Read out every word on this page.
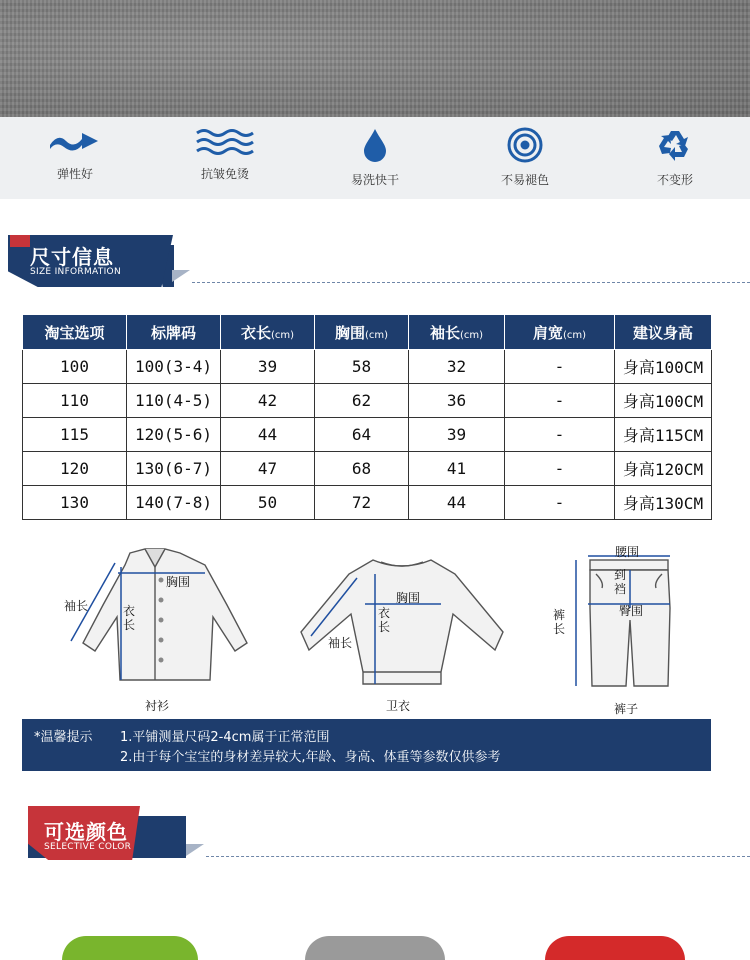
弹性好	抗皱免烫	易洗快干	不易褪色	不变形
尺寸信息
SIZE INFORMATION
淘宝选项	标牌码	衣长(cm)	胸围(cm)	袖长(cm)	肩宽(cm)	建议身高
100	100(3-4)	39	58	32	-	身高100CM
110	110(4-5)	42	62	36	-	身高100CM
115	120(5-6)	44	64	39	-	身高115CM
120	130(6-7)	47	68	41	-	身高120CM
130	140(7-8)	50	72	44	-	身高130CM
袖长
胸围
衣长
衬衫
胸围
衣长
袖长
卫衣
腰围
到裆
臀围
裤长
裤子
*温馨提示 1.平铺测量尺码2-4cm属于正常范围
2.由于每个宝宝的身材差异较大,年龄、身高、体重等参数仅供参考
可选颜色
SELECTIVE COLOR
